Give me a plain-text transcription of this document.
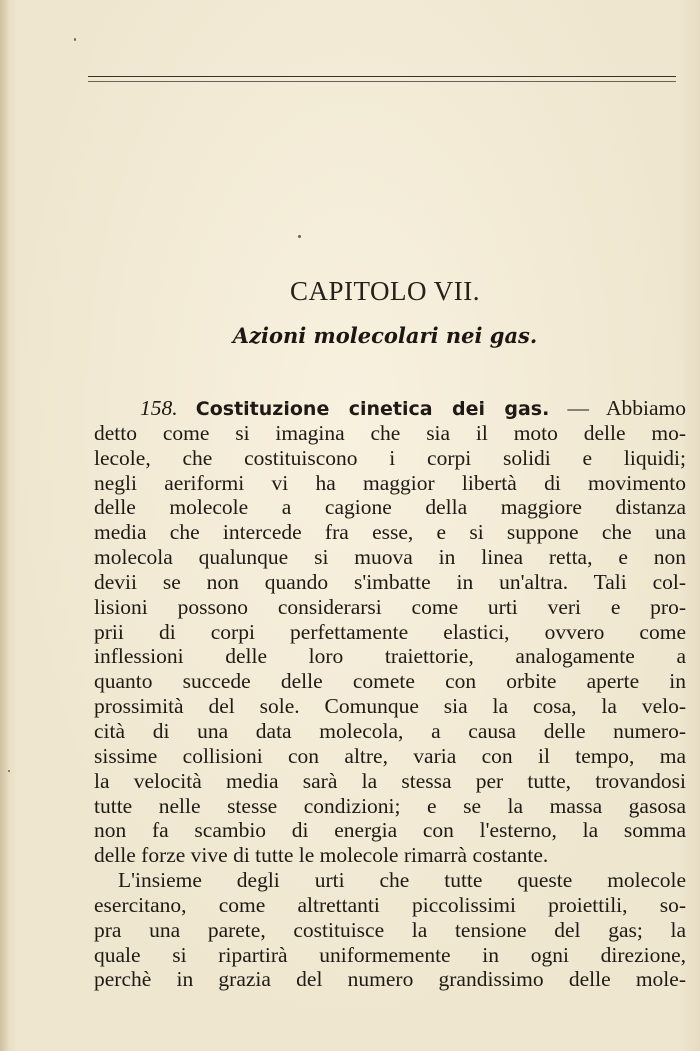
CAPITOLO VII.
Azioni molecolari nei gas.
158. Costituzione cinetica dei gas. — Abbiamo
detto come si imagina che sia il moto delle mo-
lecole, che costituiscono i corpi solidi e liquidi;
negli aeriformi vi ha maggior libertà di movimento
delle molecole a cagione della maggiore distanza
media che intercede fra esse, e si suppone che una
molecola qualunque si muova in linea retta, e non
devii se non quando s'imbatte in un'altra. Tali col-
lisioni possono considerarsi come urti veri e pro-
prii di corpi perfettamente elastici, ovvero come
inflessioni delle loro traiettorie, analogamente a
quanto succede delle comete con orbite aperte in
prossimità del sole. Comunque sia la cosa, la velo-
cità di una data molecola, a causa delle numero-
sissime collisioni con altre, varia con il tempo, ma
la velocità media sarà la stessa per tutte, trovandosi
tutte nelle stesse condizioni; e se la massa gasosa
non fa scambio di energia con l'esterno, la somma
delle forze vive di tutte le molecole rimarrà costante.
L'insieme degli urti che tutte queste molecole
esercitano, come altrettanti piccolissimi proiettili, so-
pra una parete, costituisce la tensione del gas; la
quale si ripartirà uniformemente in ogni direzione,
perchè in grazia del numero grandissimo delle mole-
